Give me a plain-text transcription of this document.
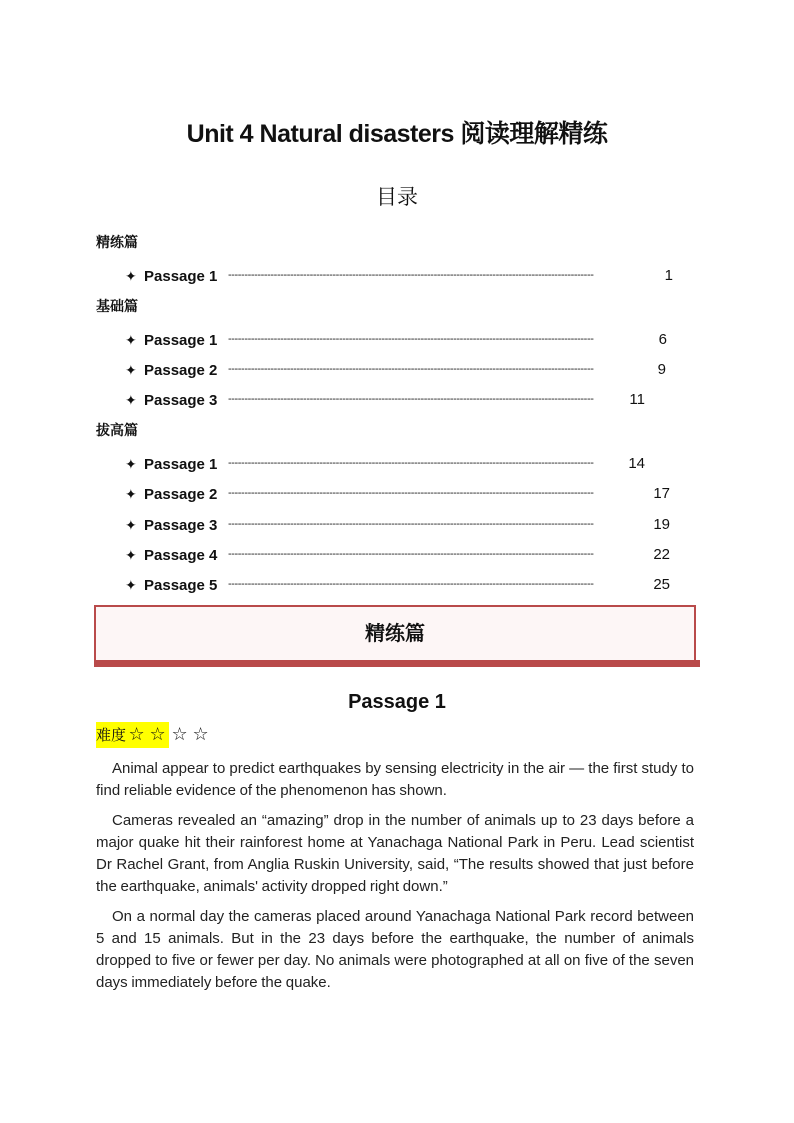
Unit 4 Natural disasters 阅读理解精练
目录
精练篇
✦ Passage 1 ----------------------------------------------------------------------------------------------------------------	1
基础篇
✦ Passage 1 ----------------------------------------------------------------------------------------------------------------	6
✦ Passage 2 ----------------------------------------------------------------------------------------------------------------	9
✦ Passage 3 ----------------------------------------------------------------------------------------------------------------	11
拔高篇
✦ Passage 1 ----------------------------------------------------------------------------------------------------------------	14
✦ Passage 2 ----------------------------------------------------------------------------------------------------------------	17
✦ Passage 3 ----------------------------------------------------------------------------------------------------------------	19
✦ Passage 4 ----------------------------------------------------------------------------------------------------------------	22
✦ Passage 5 ----------------------------------------------------------------------------------------------------------------	25
精练篇
Passage 1
难度 ☆ ☆ ☆ ☆
Animal appear to predict earthquakes by sensing electricity in the air — the first study to find reliable evidence of the phenomenon has shown.
Cameras revealed an “amazing” drop in the number of animals up to 23 days before a major quake hit their rainforest home at Yanachaga National Park in Peru. Lead scientist Dr Rachel Grant, from Anglia Ruskin University, said, “The results showed that just before the earthquake, animals' activity dropped right down.”
On a normal day the cameras placed around Yanachaga National Park record between 5 and 15 animals. But in the 23 days before the earthquake, the number of animals dropped to five or fewer per day. No animals were photographed at all on five of the seven days immediately before the quake.
